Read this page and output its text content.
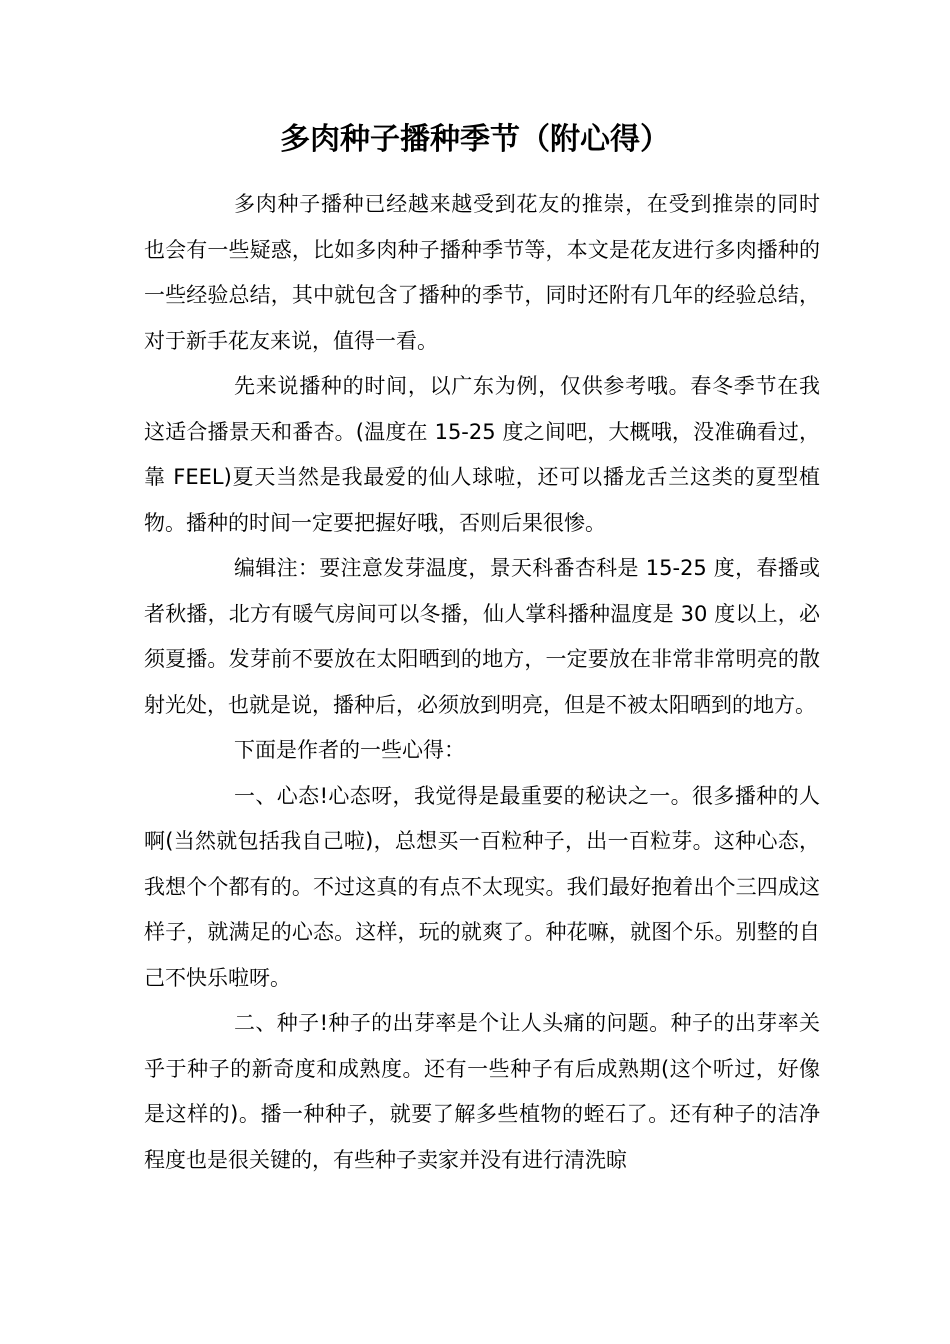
多肉种子播种季节（附心得）

多肉种子播种已经越来越受到花友的推崇，在受到推崇的同时也会有一些疑惑，比如多肉种子播种季节等，本文是花友进行多肉播种的一些经验总结，其中就包含了播种的季节，同时还附有几年的经验总结，对于新手花友来说，值得一看。

先来说播种的时间，以广东为例，仅供参考哦。春冬季节在我这适合播景天和番杏。(温度在 15-25 度之间吧，大概哦，没准确看过，靠 FEEL)夏天当然是我最爱的仙人球啦，还可以播龙舌兰这类的夏型植物。播种的时间一定要把握好哦，否则后果很惨。

编辑注：要注意发芽温度，景天科番杏科是 15-25 度，春播或者秋播，北方有暖气房间可以冬播，仙人掌科播种温度是 30 度以上，必须夏播。发芽前不要放在太阳晒到的地方，一定要放在非常非常明亮的散射光处，也就是说，播种后，必须放到明亮，但是不被太阳晒到的地方。

下面是作者的一些心得：

一、心态!心态呀，我觉得是最重要的秘诀之一。很多播种的人啊(当然就包括我自己啦)，总想买一百粒种子，出一百粒芽。这种心态，我想个个都有的。不过这真的有点不太现实。我们最好抱着出个三四成这样子，就满足的心态。这样，玩的就爽了。种花嘛，就图个乐。别整的自己不快乐啦呀。

二、种子!种子的出芽率是个让人头痛的问题。种子的出芽率关乎于种子的新奇度和成熟度。还有一些种子有后成熟期(这个听过，好像是这样的)。播一种种子，就要了解多些植物的蛭石了。还有种子的洁净程度也是很关键的，有些种子卖家并没有进行清洗晾
